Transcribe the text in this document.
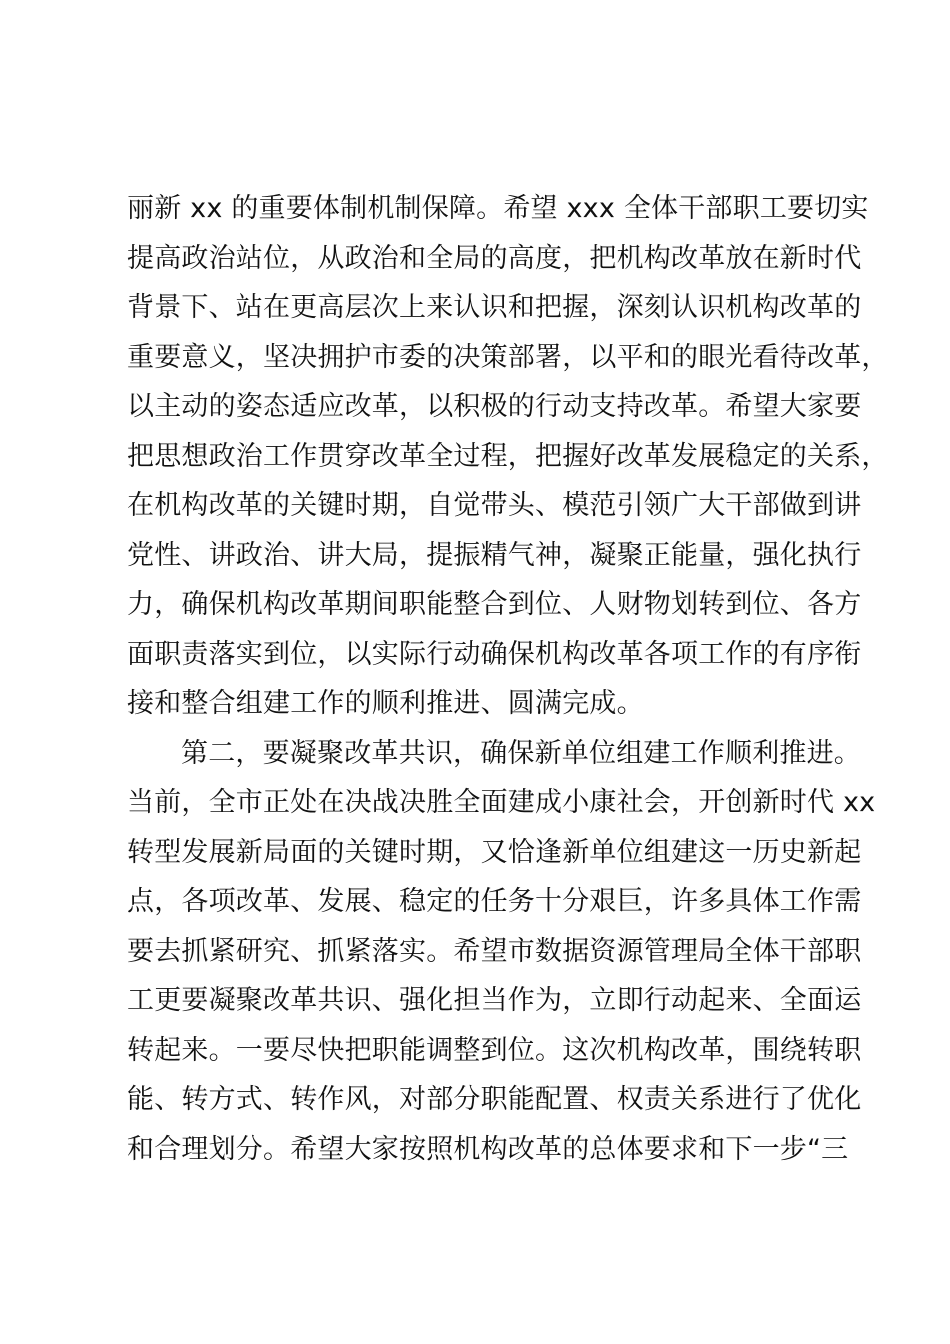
丽新 xx 的重要体制机制保障。希望 xxx 全体干部职工要切实
提高政治站位，从政治和全局的高度，把机构改革放在新时代
背景下、站在更高层次上来认识和把握，深刻认识机构改革的
重要意义，坚决拥护市委的决策部署，以平和的眼光看待改革，
以主动的姿态适应改革，以积极的行动支持改革。希望大家要
把思想政治工作贯穿改革全过程，把握好改革发展稳定的关系，
在机构改革的关键时期，自觉带头、模范引领广大干部做到讲
党性、讲政治、讲大局，提振精气神，凝聚正能量，强化执行
力，确保机构改革期间职能整合到位、人财物划转到位、各方
面职责落实到位，以实际行动确保机构改革各项工作的有序衔
接和整合组建工作的顺利推进、圆满完成。
第二，要凝聚改革共识，确保新单位组建工作顺利推进。
当前，全市正处在决战决胜全面建成小康社会，开创新时代 xx
转型发展新局面的关键时期，又恰逢新单位组建这一历史新起
点，各项改革、发展、稳定的任务十分艰巨，许多具体工作需
要去抓紧研究、抓紧落实。希望市数据资源管理局全体干部职
工更要凝聚改革共识、强化担当作为，立即行动起来、全面运
转起来。一要尽快把职能调整到位。这次机构改革，围绕转职
能、转方式、转作风，对部分职能配置、权责关系进行了优化
和合理划分。希望大家按照机构改革的总体要求和下一步“三
